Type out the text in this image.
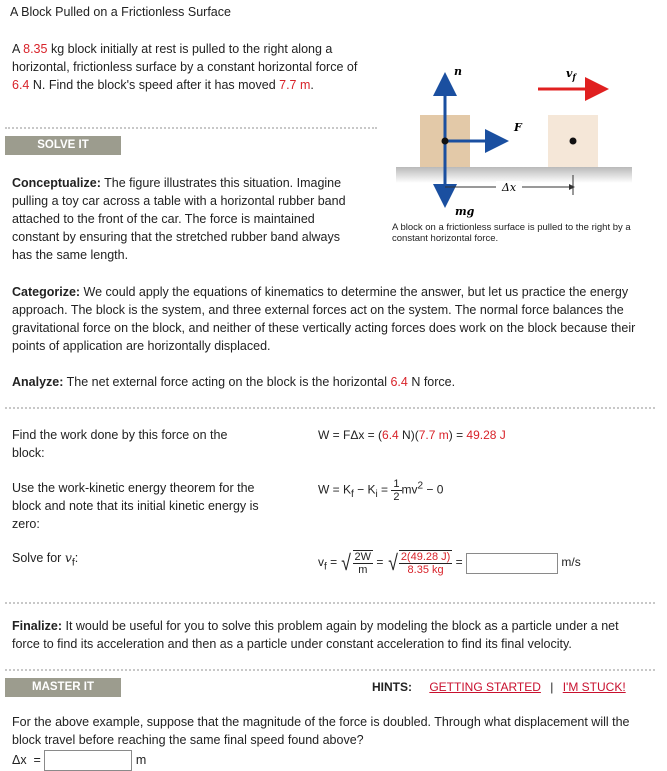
A Block Pulled on a Frictionless Surface

A 8.35 kg block initially at rest is pulled to the right along a horizontal, frictionless surface by a constant horizontal force of 6.4 N. Find the block's speed after it has moved 7.7 m.

SOLVE IT
Δx
n
F
mg
$v_f$
A block on a frictionless surface is pulled to the right by a constant horizontal force.

Conceptualize: The figure illustrates this situation. Imagine pulling a toy car across a table with a horizontal rubber band attached to the front of the car. The force is maintained constant by ensuring that the stretched rubber band always has the same length.

Categorize: We could apply the equations of kinematics to determine the answer, but let us practice the energy approach. The block is the system, and three external forces act on the system. The normal force balances the gravitational force on the block, and neither of these vertically acting forces does work on the block because their points of application are horizontally displaced.

Analyze: The net external force acting on the block is the horizontal 6.4 N force.

Find the work done by this force on the block:

W = FΔx = (6.4 N)(7.7 m) = 49.28 J

Use the work-kinetic energy theorem for the block and note that its initial kinetic energy is zero:

$W = K_f - K_i = \frac{1}{2} mv^2 - 0$

Solve for $v_f$:	$v_f$ = √ $\frac{2W}{m}$ = √ $\frac{2(49.28 J)}{8.35 kg}$ =	m/s

Finalize: It would be useful for you to solve this problem again by modeling the block as a particle under a net force to find its acceleration and then as a particle under constant acceleration to find its final velocity.

MASTER IT	HINTS: GETTING STARTED | I'M STUCK!

For the above example, suppose that the magnitude of the force is doubled. Through what displacement will the block travel before reaching the same final speed found above?

Δx  =	m
